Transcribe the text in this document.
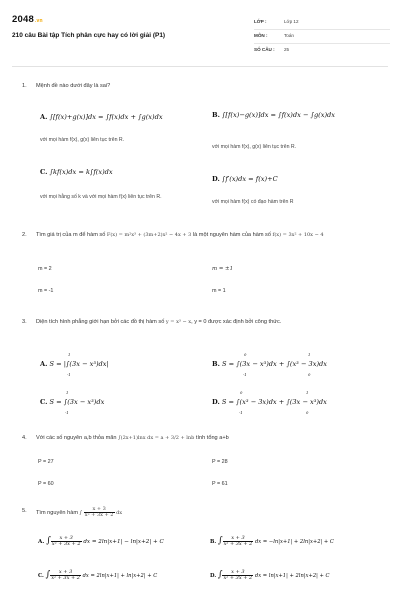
2048.vn
210 câu Bài tập Tích phân cực hay có lời giải (P1)
LỚP :	Lớp 12
MÔN :	Toán
SỐ CÂU : 25
1. Mệnh đề nào dưới đây là sai?
A. ∫[f(x)+g(x)]dx = ∫f(x)dx + ∫g(x)dx
với mọi hàm f(x), g(x) liên tục trên R.
B. ∫[f(x)−g(x)]dx = ∫f(x)dx − ∫g(x)dx
với mọi hàm f(x), g(x) liên tục trên R.
C. ∫kf(x)dx = k∫f(x)dx
với mọi hằng số k và với mọi hàm f(x) liên tục trên R.
D. ∫f′(x)dx = f(x)+C
với mọi hàm f(x) có đạo hàm trên R
2. Tìm giá trị của m để hàm số F(x) = m²x³ + (3m+2)x² − 4x + 3 là một nguyên hàm của hàm số f(x) = 3x² + 10x − 4
m = 2	m = ±1
m = -1	m = 1
3. Diện tích hình phẳng giới hạn bởi các đồ thị hàm số y = x³ − x, y = 0 được xác định bởi công thức.
A. S = |∫(3x − x³)dx|	B. S = ∫(3x − x³)dx + ∫(x³ − 3x)dx
C. S = ∫(3x − x³)dx	D. S = ∫(x³ − 3x)dx + ∫(3x − x³)dx
1
-1
0
-1
1
0
1
-1
0
-1
1
0
4. Với các số nguyên a,b thỏa mãn ∫(2x+1)lnx dx = a + 3/2 + lnb tính tổng a+b
P = 27	P = 28
P = 60	P = 61
5. Tìm nguyên hàm ∫ $\frac{x + 3}{\text{x² + 3x + 2}}$ dx
A. ∫ $\frac{x + 3}{\text{x² + 3x + 2}}$ dx = 2ln|x+1| − ln|x+2| + C	B. ∫ $\frac{x + 3}{\text{x² + 3x + 2}}$ dx = −ln|x+1| + 2ln|x+2| + C
C. ∫ $\frac{x + 3}{\text{x² + 3x + 2}}$ dx = 2ln|x+1| + ln|x+2| + C	D. ∫ $\frac{x + 3}{\text{x² + 3x + 2}}$ dx = ln|x+1| + 2ln|x+2| + C
